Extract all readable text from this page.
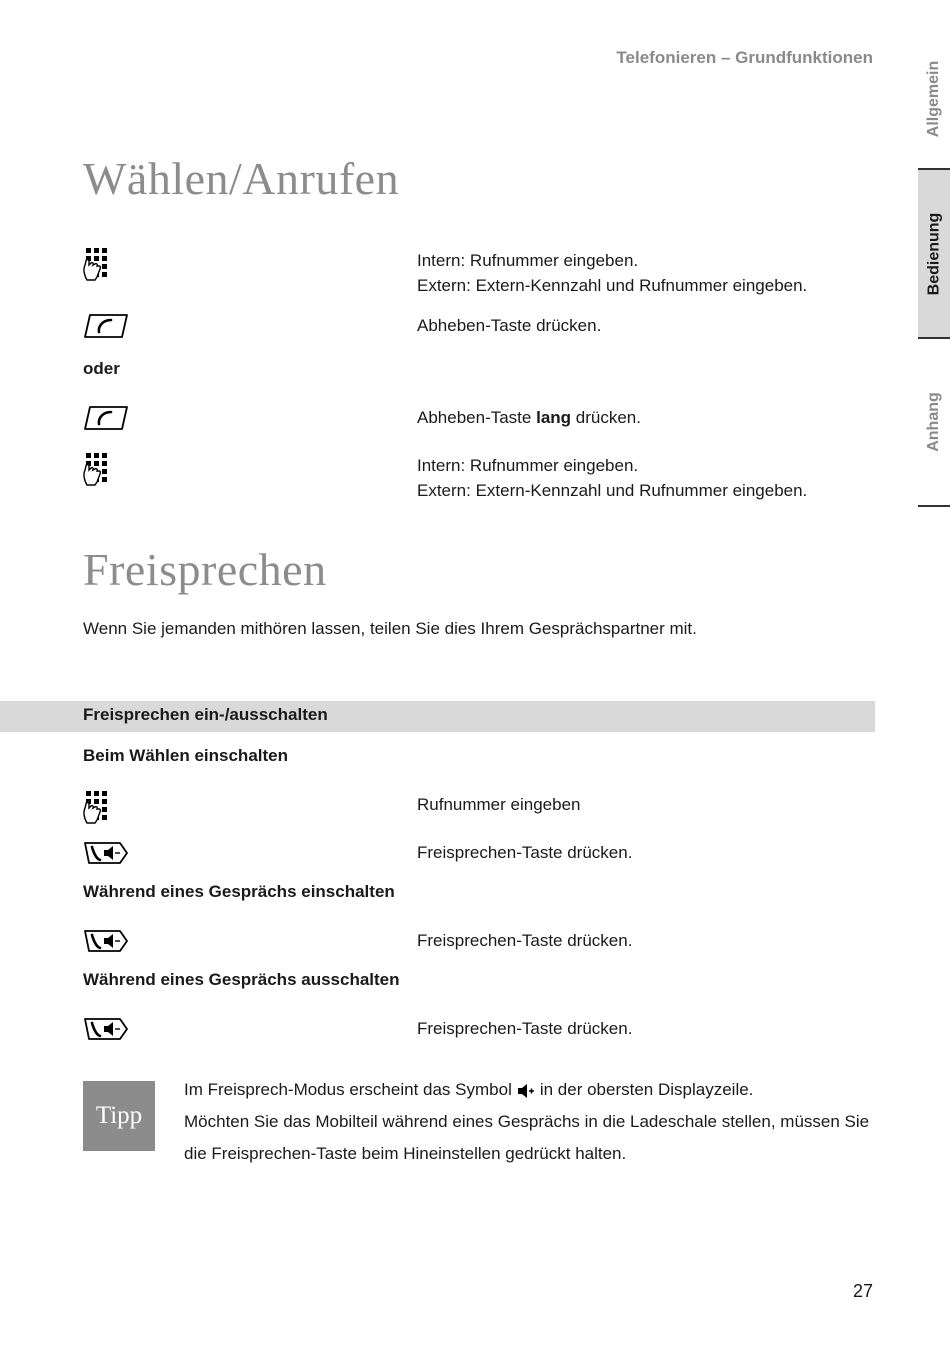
Telefonieren – Grundfunktionen
Allgemein
Bedienung
Anhang
Wählen/Anrufen
Intern: Rufnummer eingeben.
Extern: Extern-Kennzahl und Rufnummer eingeben.
Abheben-Taste drücken.
oder
Abheben-Taste lang drücken.
Intern: Rufnummer eingeben.
Extern: Extern-Kennzahl und Rufnummer eingeben.
Freisprechen
Wenn Sie jemanden mithören lassen, teilen Sie dies Ihrem Gesprächspartner mit.
Freisprechen ein-/ausschalten
Beim Wählen einschalten
Rufnummer eingeben
Freisprechen-Taste drücken.
Während eines Gesprächs einschalten
Freisprechen-Taste drücken.
Während eines Gesprächs ausschalten
Freisprechen-Taste drücken.
Tipp

Im Freisprech-Modus erscheint das Symbol in der obersten Displayzeile.

Möchten Sie das Mobilteil während eines Gesprächs in die Ladeschale stellen, müssen Sie die Freisprechen-Taste beim Hineinstellen gedrückt halten.

27
